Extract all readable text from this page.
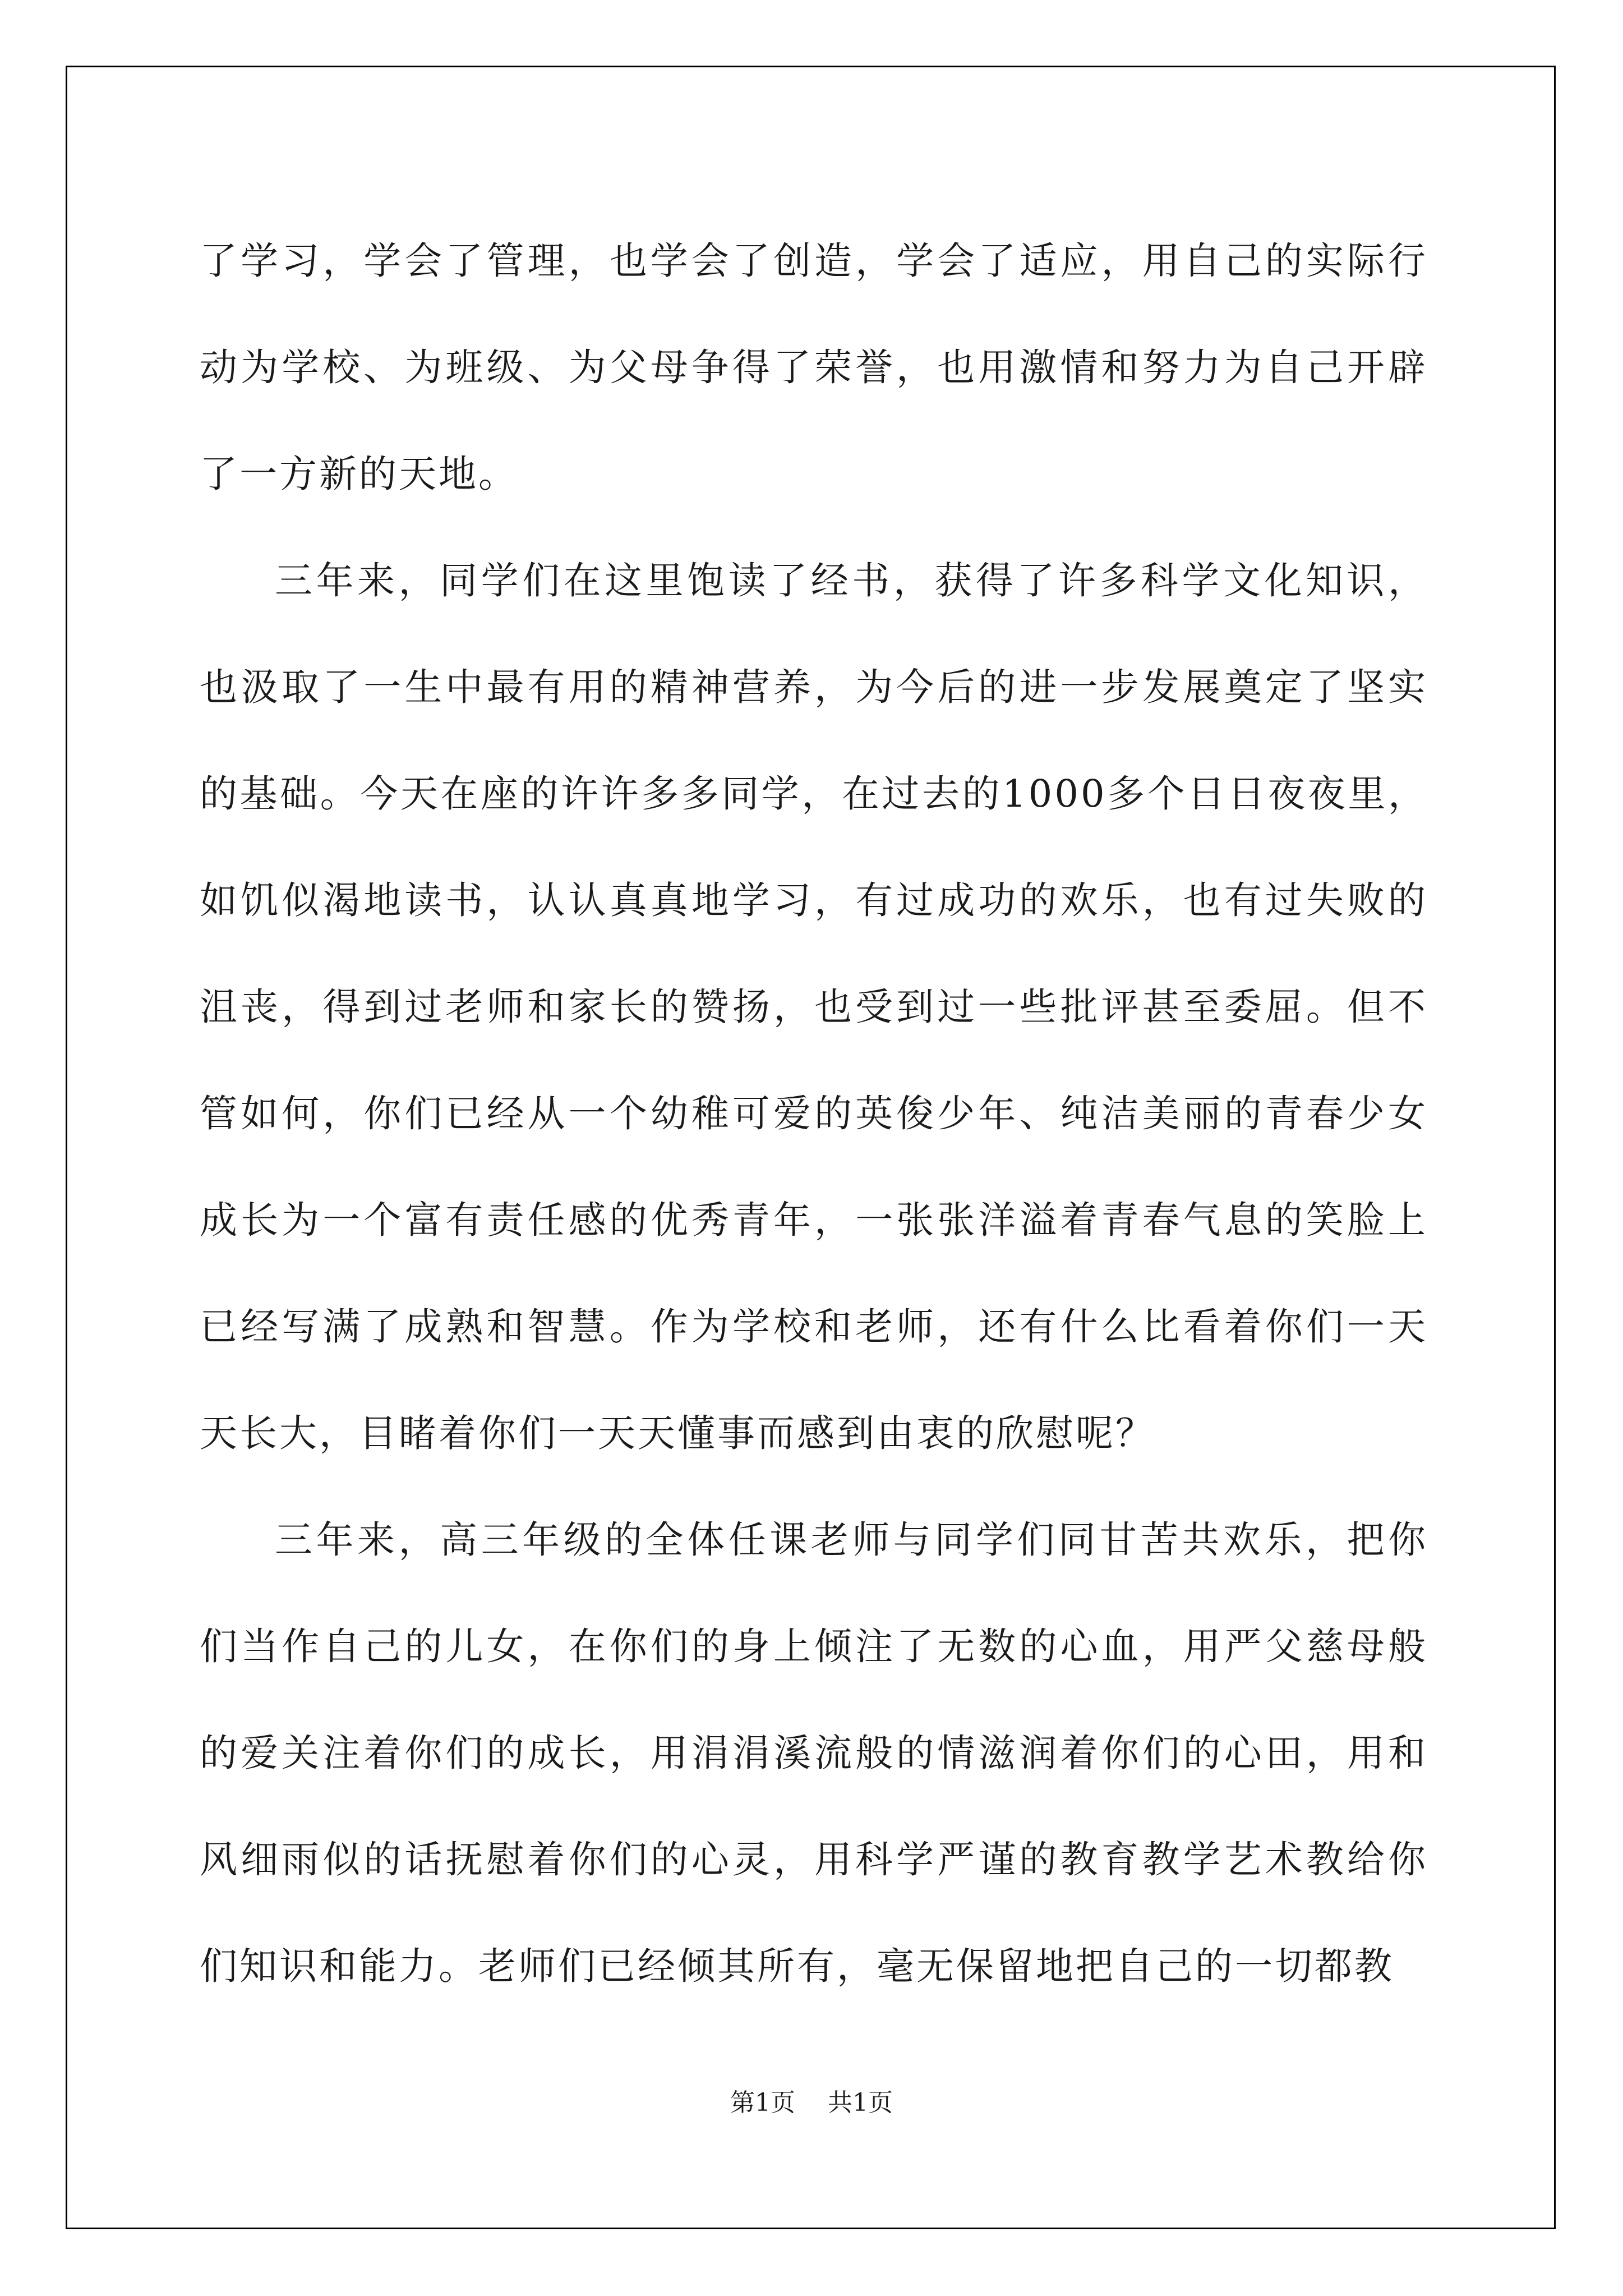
了学习，学会了管理，也学会了创造，学会了适应，用自己的实际行动为学校、为班级、为父母争得了荣誉，也用激情和努力为自己开辟了一方新的天地。

三年来，同学们在这里饱读了经书，获得了许多科学文化知识，也汲取了一生中最有用的精神营养，为今后的进一步发展奠定了坚实的基础。今天在座的许许多多同学，在过去的1000多个日日夜夜里，如饥似渴地读书，认认真真地学习，有过成功的欢乐，也有过失败的沮丧，得到过老师和家长的赞扬，也受到过一些批评甚至委屈。但不管如何，你们已经从一个幼稚可爱的英俊少年、纯洁美丽的青春少女成长为一个富有责任感的优秀青年，一张张洋溢着青春气息的笑脸上已经写满了成熟和智慧。作为学校和老师，还有什么比看着你们一天天长大，目睹着你们一天天懂事而感到由衷的欣慰呢？

三年来，高三年级的全体任课老师与同学们同甘苦共欢乐，把你们当作自己的儿女，在你们的身上倾注了无数的心血，用严父慈母般的爱关注着你们的成长，用涓涓溪流般的情滋润着你们的心田，用和风细雨似的话抚慰着你们的心灵，用科学严谨的教育教学艺术教给你们知识和能力。老师们已经倾其所有，毫无保留地把自己的一切都教

第1页 共1页
